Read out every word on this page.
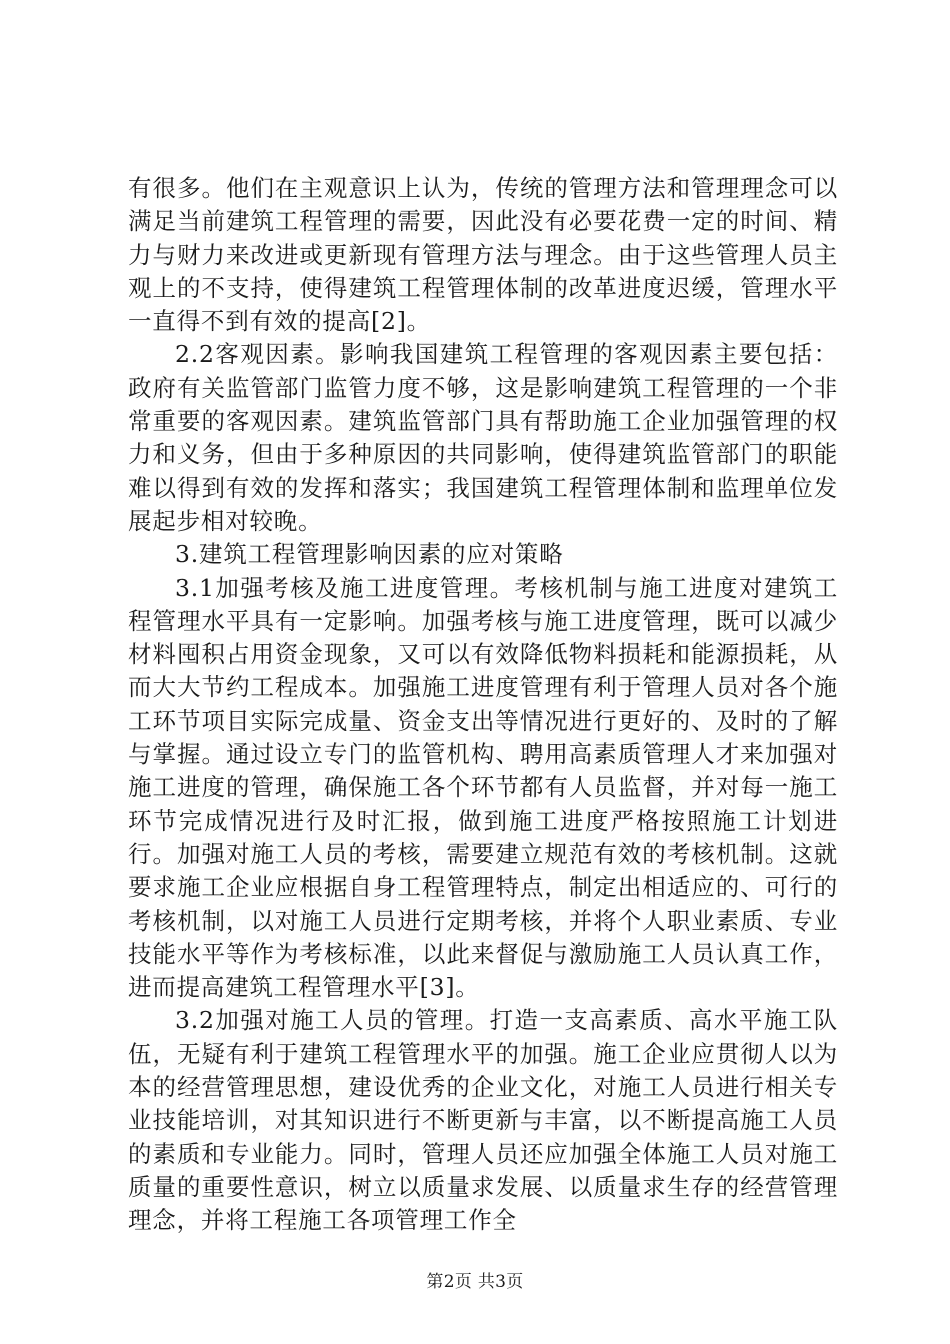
有很多。他们在主观意识上认为，传统的管理方法和管理理念可以满足当前建筑工程管理的需要，因此没有必要花费一定的时间、精力与财力来改进或更新现有管理方法与理念。由于这些管理人员主观上的不支持，使得建筑工程管理体制的改革进度迟缓，管理水平一直得不到有效的提高[2]。

2.2客观因素。影响我国建筑工程管理的客观因素主要包括：政府有关监管部门监管力度不够，这是影响建筑工程管理的一个非常重要的客观因素。建筑监管部门具有帮助施工企业加强管理的权力和义务，但由于多种原因的共同影响，使得建筑监管部门的职能难以得到有效的发挥和落实；我国建筑工程管理体制和监理单位发展起步相对较晚。

3.建筑工程管理影响因素的应对策略

3.1加强考核及施工进度管理。考核机制与施工进度对建筑工程管理水平具有一定影响。加强考核与施工进度管理，既可以减少材料囤积占用资金现象，又可以有效降低物料损耗和能源损耗，从而大大节约工程成本。加强施工进度管理有利于管理人员对各个施工环节项目实际完成量、资金支出等情况进行更好的、及时的了解与掌握。通过设立专门的监管机构、聘用高素质管理人才来加强对施工进度的管理，确保施工各个环节都有人员监督，并对每一施工环节完成情况进行及时汇报，做到施工进度严格按照施工计划进行。加强对施工人员的考核，需要建立规范有效的考核机制。这就要求施工企业应根据自身工程管理特点，制定出相适应的、可行的考核机制，以对施工人员进行定期考核，并将个人职业素质、专业技能水平等作为考核标准，以此来督促与激励施工人员认真工作，进而提高建筑工程管理水平[3]。

3.2加强对施工人员的管理。打造一支高素质、高水平施工队伍，无疑有利于建筑工程管理水平的加强。施工企业应贯彻人以为本的经营管理思想，建设优秀的企业文化，对施工人员进行相关专业技能培训，对其知识进行不断更新与丰富，以不断提高施工人员的素质和专业能力。同时，管理人员还应加强全体施工人员对施工质量的重要性意识，树立以质量求发展、以质量求生存的经营管理理念，并将工程施工各项管理工作全

第2页 共3页
